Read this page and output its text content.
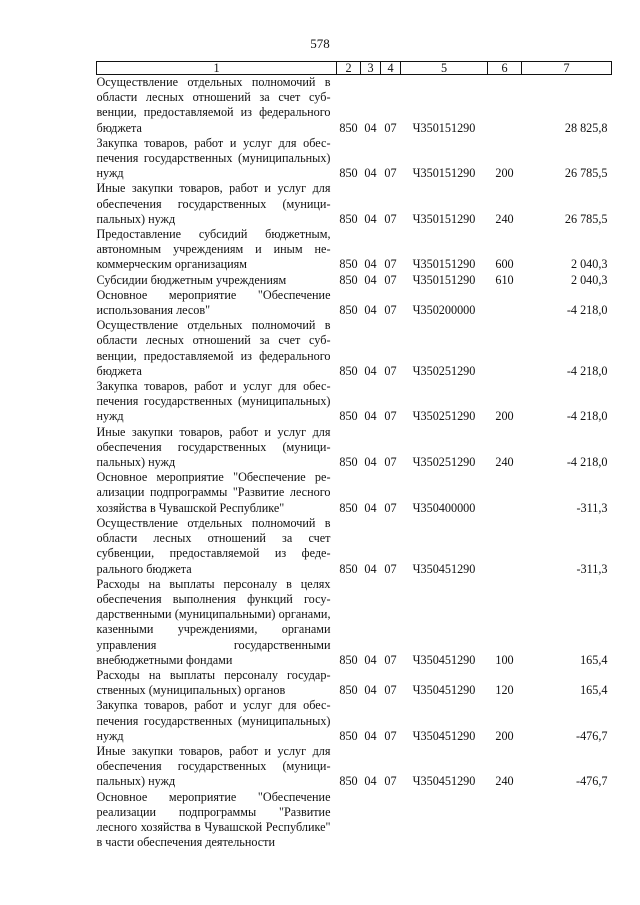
578
1	2	3	4	5	6	7
Осуществление отдельных полномочий в области лесных отношений за счет субвенции, предоставляемой из федерального бюджета	850	04	07	Ч350151290		28 825,8
Закупка товаров, работ и услуг для обеспечения государственных (муниципальных) нужд	850	04	07	Ч350151290	200	26 785,5
Иные закупки товаров, работ и услуг для обеспечения государственных (муниципальных) нужд	850	04	07	Ч350151290	240	26 785,5
Предоставление субсидий бюджетным, автономным учреждениям и иным некоммерческим организациям	850	04	07	Ч350151290	600	2 040,3
Субсидии бюджетным учреждениям	850	04	07	Ч350151290	610	2 040,3
Основное мероприятие "Обеспечение использования лесов"	850	04	07	Ч350200000		-4 218,0
Осуществление отдельных полномочий в области лесных отношений за счет субвенции, предоставляемой из федерального бюджета	850	04	07	Ч350251290		-4 218,0
Закупка товаров, работ и услуг для обеспечения государственных (муниципальных) нужд	850	04	07	Ч350251290	200	-4 218,0
Иные закупки товаров, работ и услуг для обеспечения государственных (муниципальных) нужд	850	04	07	Ч350251290	240	-4 218,0
Основное мероприятие "Обеспечение реализации подпрограммы "Развитие лесного хозяйства в Чувашской Республике"	850	04	07	Ч350400000		-311,3
Осуществление отдельных полномочий в области лесных отношений за счет субвенции, предоставляемой из федерального бюджета	850	04	07	Ч350451290		-311,3
Расходы на выплаты персоналу в целях обеспечения выполнения функций государственными (муниципальными) органами, казенными учреждениями, органами управления государственными внебюджетными фондами	850	04	07	Ч350451290	100	165,4
Расходы на выплаты персоналу государственных (муниципальных) органов	850	04	07	Ч350451290	120	165,4
Закупка товаров, работ и услуг для обеспечения государственных (муниципальных) нужд	850	04	07	Ч350451290	200	-476,7
Иные закупки товаров, работ и услуг для обеспечения государственных (муниципальных) нужд	850	04	07	Ч350451290	240	-476,7
Основное мероприятие "Обеспечение реализации подпрограммы "Развитие лесного хозяйства в Чувашской Республике" в части обеспечения деятельности						
